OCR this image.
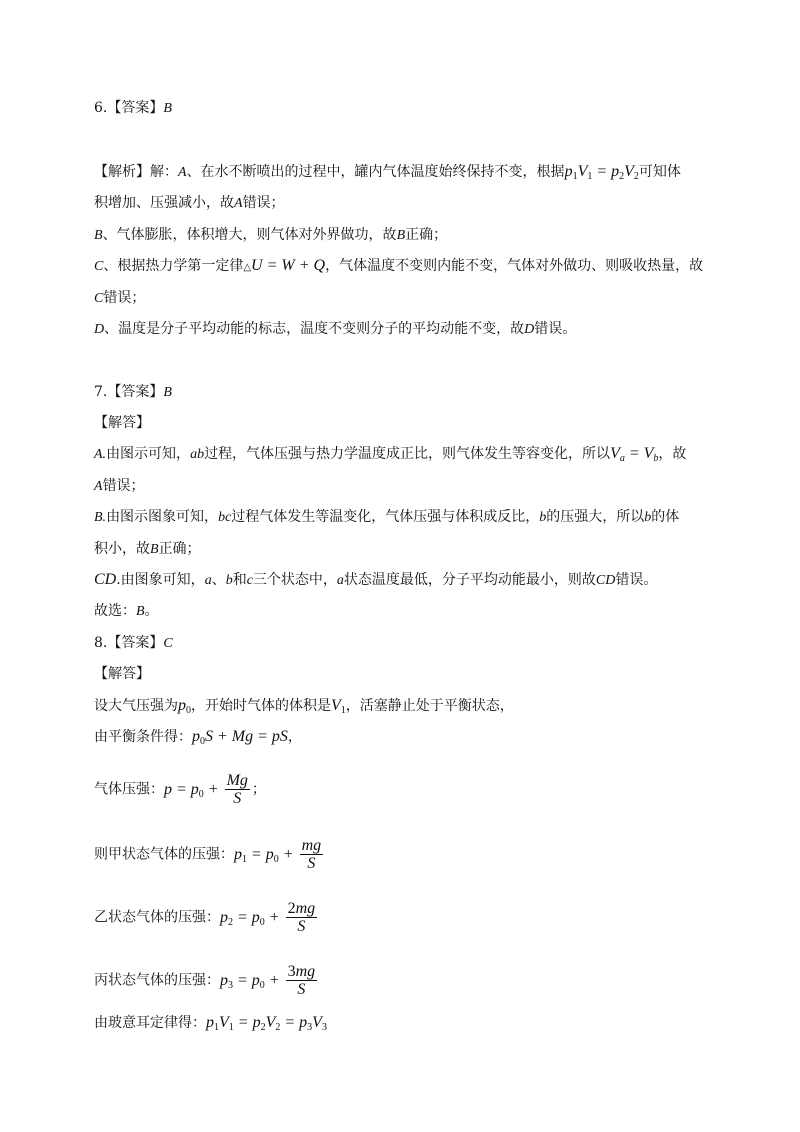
6.【答案】B
【解析】解：A、在水不断喷出的过程中，罐内气体温度始终保持不变，根据$p_1V_1 = p_2V_2$可知体
积增加、压强减小，故A错误；
B、气体膨胀，体积增大，则气体对外界做功，故B正确；
C、根据热力学第一定律△U = W + Q，气体温度不变则内能不变，气体对外做功、则吸收热量，故
C错误；
D、温度是分子平均动能的标志，温度不变则分子的平均动能不变，故D错误。
7.【答案】B
【解答】
A.由图示可知，ab过程，气体压强与热力学温度成正比，则气体发生等容变化，所以$V_a = V_b$，故
A错误；
B.由图示图象可知，bc过程气体发生等温变化，气体压强与体积成反比，b的压强大，所以b的体
积小，故B正确；
CD.由图象可知，a、b和c三个状态中，a状态温度最低，分子平均动能最小，则故CD错误。
故选：B。
8.【答案】C
【解答】
设大气压强为$p_0$，开始时气体的体积是$V_1$，活塞静止处于平衡状态，
由平衡条件得：$p_0S + Mg$ = pS，
气体压强：$p = p_0 + \frac{Mg}{S}$ ；
则甲状态气体的压强：$p_1 = p_0 + \frac{mg}{S}$
乙状态气体的压强：$p_2 = p_0 + \frac{2mg}{S}$
丙状态气体的压强：$p_3 = p_0 + \frac{3mg}{S}$
由玻意耳定律得：$p_1V_1 = p_2V_2 = p_3V_3$
